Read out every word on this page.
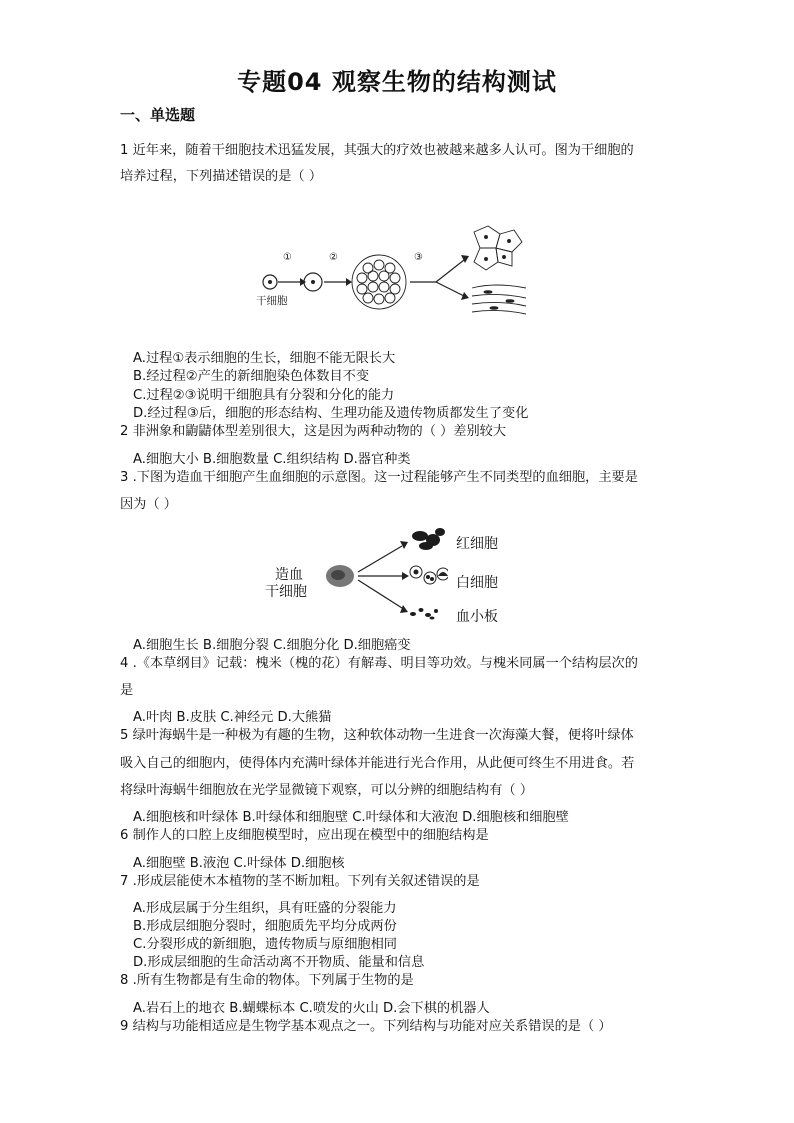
专题04 观察生物的结构测试
一、单选题
1 近年来，随着干细胞技术迅猛发展，其强大的疗效也被越来越多人认可。图为干细胞的
培养过程，下列描述错误的是（ ）
①	②	③
干细胞
A.过程①表示细胞的生长，细胞不能无限长大
B.经过程②产生的新细胞染色体数目不变
C.过程②③说明干细胞具有分裂和分化的能力
D.经过程③后，细胞的形态结构、生理功能及遗传物质都发生了变化
2 非洲象和鼩鼱体型差别很大，这是因为两种动物的（ ）差别较大
A.细胞大小 B.细胞数量 C.组织结构 D.器官种类
3 .下图为造血干细胞产生血细胞的示意图。这一过程能够产生不同类型的血细胞，主要是
因为（ ）
造血
干细胞
红细胞
白细胞
血小板
A.细胞生长 B.细胞分裂 C.细胞分化 D.细胞癌变
4 .《本草纲目》记载：槐米（槐的花）有解毒、明目等功效。与槐米同属一个结构层次的
是
A.叶肉 B.皮肤 C.神经元 D.大熊猫
5 绿叶海蜗牛是一种极为有趣的生物，这种软体动物一生进食一次海藻大餐，便将叶绿体
吸入自己的细胞内，使得体内充满叶绿体并能进行光合作用，从此便可终生不用进食。若
将绿叶海蜗牛细胞放在光学显微镜下观察，可以分辨的细胞结构有（ ）
A.细胞核和叶绿体 B.叶绿体和细胞壁 C.叶绿体和大液泡 D.细胞核和细胞壁
6 制作人的口腔上皮细胞模型时，应出现在模型中的细胞结构是
A.细胞壁 B.液泡 C.叶绿体 D.细胞核
7 .形成层能使木本植物的茎不断加粗。下列有关叙述错误的是
A.形成层属于分生组织，具有旺盛的分裂能力
B.形成层细胞分裂时，细胞质先平均分成两份
C.分裂形成的新细胞，遗传物质与原细胞相同
D.形成层细胞的生命活动离不开物质、能量和信息
8 .所有生物都是有生命的物体。下列属于生物的是
A.岩石上的地衣 B.蝴蝶标本 C.喷发的火山 D.会下棋的机器人
9 结构与功能相适应是生物学基本观点之一。下列结构与功能对应关系错误的是（ ）
